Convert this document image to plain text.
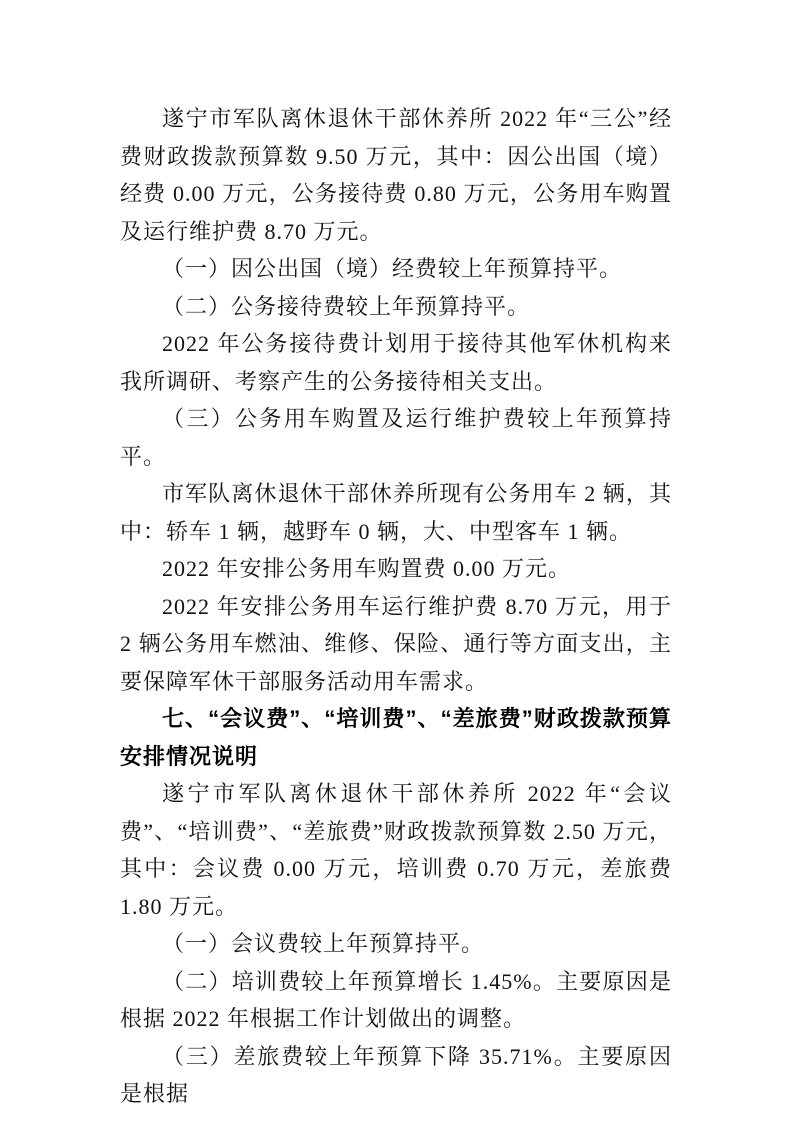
遂宁市军队离休退休干部休养所 2022 年“三公”经费财政拨款预算数 9.50 万元，其中：因公出国（境）经费 0.00 万元，公务接待费 0.80 万元，公务用车购置及运行维护费 8.70 万元。

（一）因公出国（境）经费较上年预算持平。

（二）公务接待费较上年预算持平。

2022 年公务接待费计划用于接待其他军休机构来我所调研、考察产生的公务接待相关支出。

（三）公务用车购置及运行维护费较上年预算持平。

市军队离休退休干部休养所现有公务用车 2 辆，其中：轿车 1 辆，越野车 0 辆，大、中型客车 1 辆。

2022 年安排公务用车购置费 0.00 万元。

2022 年安排公务用车运行维护费 8.70 万元，用于 2 辆公务用车燃油、维修、保险、通行等方面支出，主要保障军休干部服务活动用车需求。

七、“会议费”、“培训费”、“差旅费”财政拨款预算安排情况说明

遂宁市军队离休退休干部休养所 2022 年“会议费”、“培训费”、“差旅费”财政拨款预算数 2.50 万元，其中：会议费 0.00 万元，培训费 0.70 万元，差旅费 1.80 万元。

（一）会议费较上年预算持平。

（二）培训费较上年预算增长 1.45%。主要原因是根据 2022 年根据工作计划做出的调整。

（三）差旅费较上年预算下降 35.71%。主要原因是根据
